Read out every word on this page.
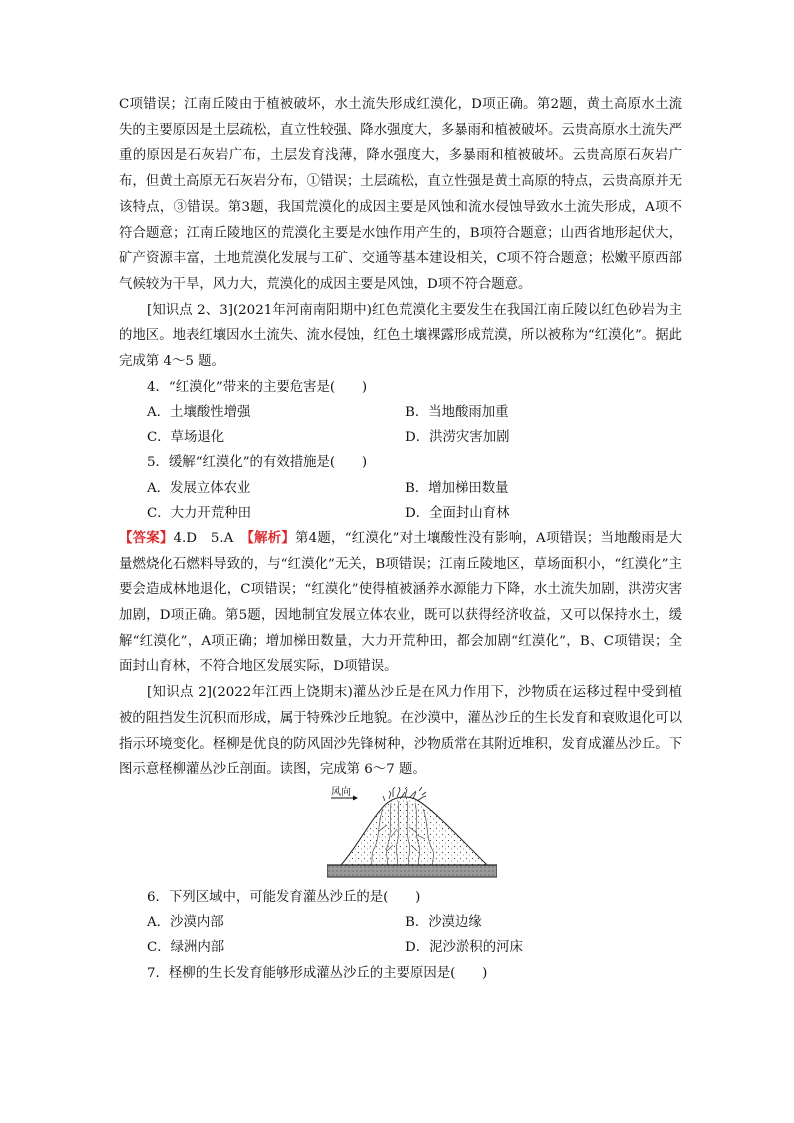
C项错误；江南丘陵由于植被破坏，水土流失形成红漠化，D项正确。第2题，黄土高原水土流失的主要原因是土层疏松，直立性较强、降水强度大，多暴雨和植被破坏。云贵高原水土流失严重的原因是石灰岩广布，土层发育浅薄，降水强度大，多暴雨和植被破坏。云贵高原石灰岩广布，但黄土高原无石灰岩分布，①错误；土层疏松，直立性强是黄土高原的特点，云贵高原并无该特点，③错误。第3题，我国荒漠化的成因主要是风蚀和流水侵蚀导致水土流失形成，A项不符合题意；江南丘陵地区的荒漠化主要是水蚀作用产生的，B项符合题意；山西省地形起伏大，矿产资源丰富，土地荒漠化发展与工矿、交通等基本建设相关，C项不符合题意；松嫩平原西部气候较为干旱，风力大，荒漠化的成因主要是风蚀，D项不符合题意。

[知识点 2、3](2021年河南南阳期中)红色荒漠化主要发生在我国江南丘陵以红色砂岩为主的地区。地表红壤因水土流失、流水侵蚀，红色土壤裸露形成荒漠，所以被称为“红漠化”。据此完成第 4～5 题。

4．“红漠化”带来的主要危害是(　　)

A．土壤酸性增强	B．当地酸雨加重
C．草场退化	D．洪涝灾害加剧

5．缓解“红漠化”的有效措施是(　　)

A．发展立体农业	B．增加梯田数量
C．大力开荒种田	D．全面封山育林

【答案】4.D　5.A　【解析】第4题，“红漠化”对土壤酸性没有影响，A项错误；当地酸雨是大量燃烧化石燃料导致的，与“红漠化”无关，B项错误；江南丘陵地区，草场面积小，“红漠化”主要会造成林地退化，C项错误；“红漠化”使得植被涵养水源能力下降，水土流失加剧，洪涝灾害加剧，D项正确。第5题，因地制宜发展立体农业，既可以获得经济收益，又可以保持水土，缓解“红漠化”，A项正确；增加梯田数量，大力开荒种田，都会加剧“红漠化”，B、C项错误；全面封山育林，不符合地区发展实际，D项错误。

[知识点 2](2022年江西上饶期末)灌丛沙丘是在风力作用下，沙物质在运移过程中受到植被的阻挡发生沉积而形成，属于特殊沙丘地貌。在沙漠中，灌丛沙丘的生长发育和衰败退化可以指示环境变化。柽柳是优良的防风固沙先锋树种，沙物质常在其附近堆积，发育成灌丛沙丘。下图示意柽柳灌丛沙丘剖面。读图，完成第 6～7 题。

风向

6．下列区域中，可能发育灌丛沙丘的是(　　)

A．沙漠内部	B．沙漠边缘
C．绿洲内部	D．泥沙淤积的河床

7．柽柳的生长发育能够形成灌丛沙丘的主要原因是(　　)
